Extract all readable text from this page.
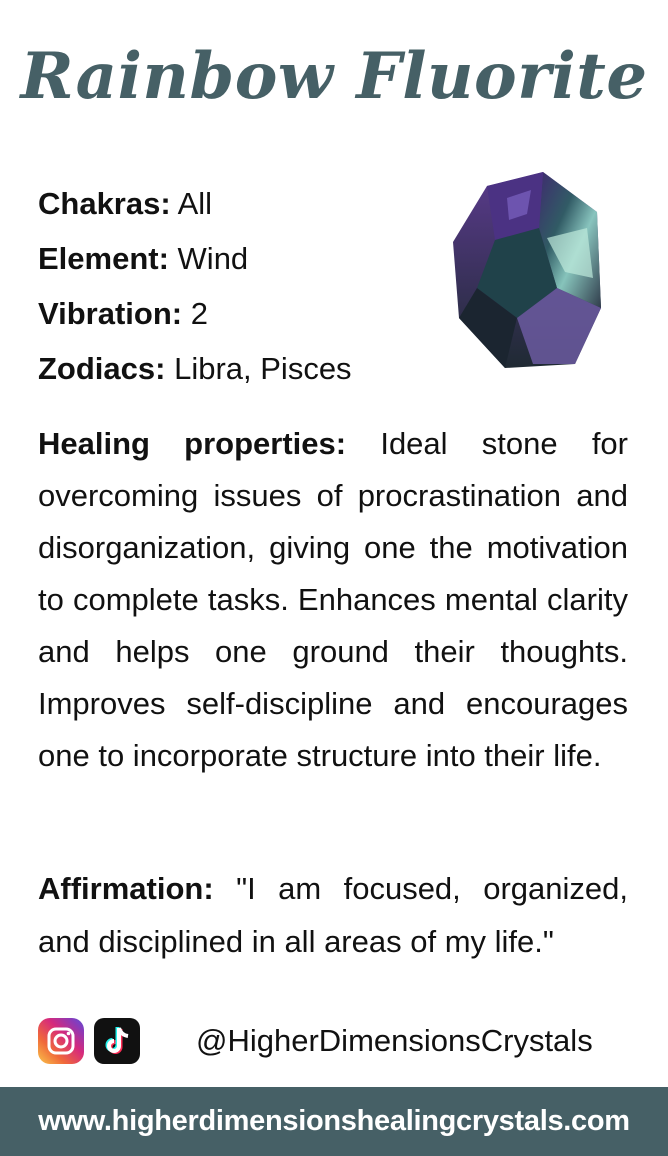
Rainbow Fluorite
Chakras: All
Element: Wind
Vibration: 2
Zodiacs: Libra, Pisces
Healing properties: Ideal stone for overcoming issues of procrastination and disorganization, giving one the motivation to complete tasks. Enhances mental clarity and helps one ground their thoughts. Improves self-discipline and encourages one to incorporate structure into their life.
Affirmation: "I am focused, organized, and disciplined in all areas of my life."
@HigherDimensionsCrystals
www.higherdimensionshealingcrystals.com
